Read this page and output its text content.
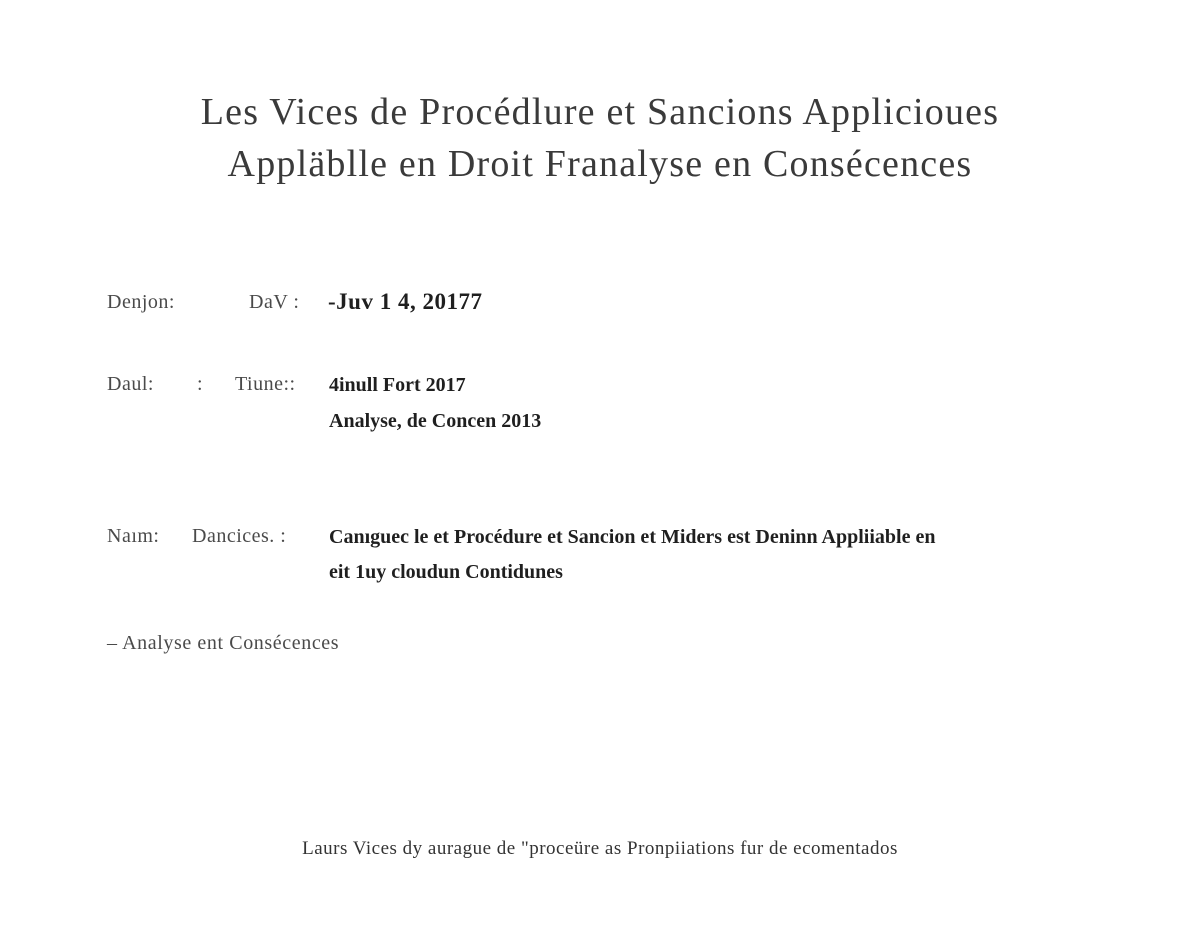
Les Vices de Procédlure et Sancions Applicioues
Appläblle en Droit Franalyse en Consécences
Denjon:	DaV : -Juv 1 4, 20177
Daul: : Tiune:: 4inull Fort 2017
Analyse, de Concen 2013
Naım: Dancices. : Canıguec le et Procédure et Sancion et Miders est Deninn Appliiable en
eit 1uy cloudun Contidunes
– Analyse ent Consécences
Laurs Vices dy aurague de "proceüre as Pronpiiations fur de ecomentados
